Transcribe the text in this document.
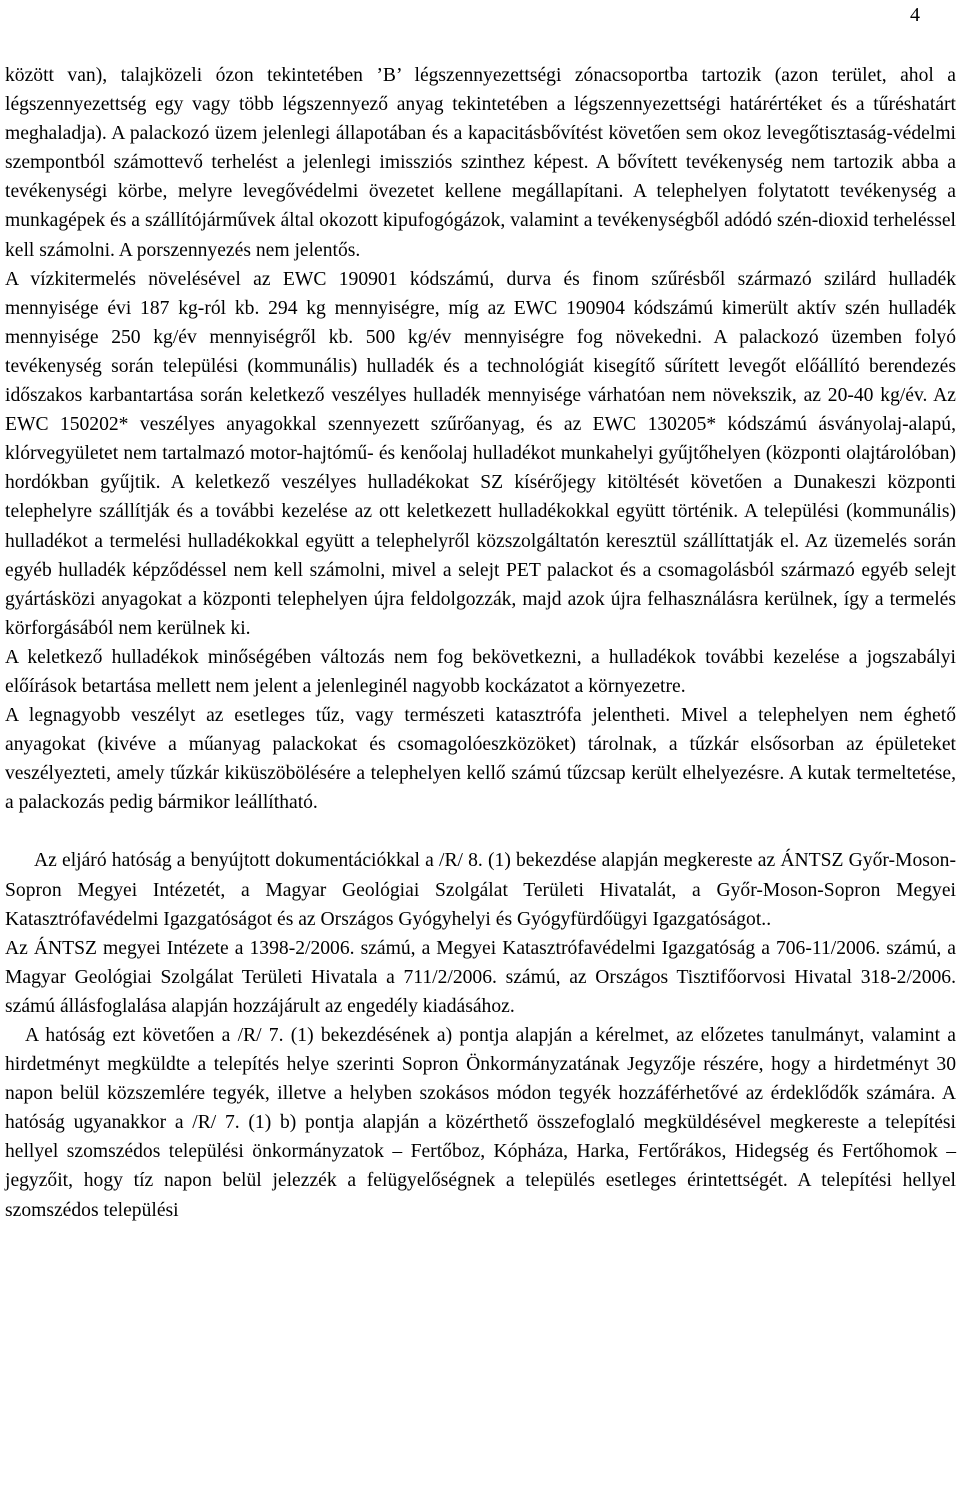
4

között van), talajközeli ózon tekintetében ’B’ légszennyezettségi zónacsoportba tartozik (azon terület, ahol a légszennyezettség egy vagy több légszennyező anyag tekintetében a légszennyezettségi határértéket és a tűréshatárt meghaladja). A palackozó üzem jelenlegi állapotában és a kapacitásbővítést követően sem okoz levegőtisztaság-védelmi szempontból számottevő terhelést a jelenlegi imissziós szinthez képest. A bővített tevékenység nem tartozik abba a tevékenységi körbe, melyre levegővédelmi övezetet kellene megállapítani. A telephelyen folytatott tevékenység a munkagépek és a szállítójárművek által okozott kipufogógázok, valamint a tevékenységből adódó szén-dioxid terheléssel kell számolni. A porszennyezés nem jelentős.

A vízkitermelés növelésével az EWC 190901 kódszámú, durva és finom szűrésből származó szilárd hulladék mennyisége évi 187 kg-ról kb. 294 kg mennyiségre, míg az EWC 190904 kódszámú kimerült aktív szén hulladék mennyisége 250 kg/év mennyiségről kb. 500 kg/év mennyiségre fog növekedni. A palackozó üzemben folyó tevékenység során települési (kommunális) hulladék és a technológiát kisegítő sűrített levegőt előállító berendezés időszakos karbantartása során keletkező veszélyes hulladék mennyisége várhatóan nem növekszik, az 20-40 kg/év. Az EWC 150202* veszélyes anyagokkal szennyezett szűrőanyag, és az EWC 130205* kódszámú ásványolaj-alapú, klórvegyületet nem tartalmazó motor-hajtómű- és kenőolaj hulladékot munkahelyi gyűjtőhelyen (központi olajtárolóban) hordókban gyűjtik. A keletkező veszélyes hulladékokat SZ kísérőjegy kitöltését követően a Dunakeszi központi telephelyre szállítják és a további kezelése az ott keletkezett hulladékokkal együtt történik. A települési (kommunális) hulladékot a termelési hulladékokkal együtt a telephelyről közszolgáltatón keresztül szállíttatják el. Az üzemelés során egyéb hulladék képződéssel nem kell számolni, mivel a selejt PET palackot és a csomagolásból származó egyéb selejt gyártásközi anyagokat a központi telephelyen újra feldolgozzák, majd azok újra felhasználásra kerülnek, így a termelés körforgásából nem kerülnek ki.

A keletkező hulladékok minőségében változás nem fog bekövetkezni, a hulladékok további kezelése a jogszabályi előírások betartása mellett nem jelent a jelenleginél nagyobb kockázatot a környezetre.

A legnagyobb veszélyt az esetleges tűz, vagy természeti katasztrófa jelentheti. Mivel a telephelyen nem éghető anyagokat (kivéve a műanyag palackokat és csomagolóeszközöket) tárolnak, a tűzkár elsősorban az épületeket veszélyezteti, amely tűzkár kiküszöbölésére a telephelyen kellő számú tűzcsap került elhelyezésre. A kutak termeltetése, a palackozás pedig bármikor leállítható.

Az eljáró hatóság a benyújtott dokumentációkkal a /R/ 8. (1) bekezdése alapján megkereste az ÁNTSZ Győr-Moson-Sopron Megyei Intézetét, a Magyar Geológiai Szolgálat Területi Hivatalát, a Győr-Moson-Sopron Megyei Katasztrófavédelmi Igazgatóságot és az Országos Gyógyhelyi és Gyógyfürdőügyi Igazgatóságot..

Az ÁNTSZ megyei Intézete a 1398-2/2006. számú, a Megyei Katasztrófavédelmi Igazgatóság a 706-11/2006. számú, a Magyar Geológiai Szolgálat Területi Hivatala a 711/2/2006. számú, az Országos Tisztifőorvosi Hivatal 318-2/2006. számú állásfoglalása alapján hozzájárult az engedély kiadásához.

A hatóság ezt követően a /R/ 7. (1) bekezdésének a) pontja alapján a kérelmet, az előzetes tanulmányt, valamint a hirdetményt megküldte a telepítés helye szerinti Sopron Önkormányzatának Jegyzője részére, hogy a hirdetményt 30 napon belül közszemlére tegyék, illetve a helyben szokásos módon tegyék hozzáférhetővé az érdeklődők számára. A hatóság ugyanakkor a /R/ 7. (1) b) pontja alapján a közérthető összefoglaló megküldésével megkereste a telepítési hellyel szomszédos települési önkormányzatok – Fertőboz, Kópháza, Harka, Fertőrákos, Hidegség és Fertőhomok – jegyzőit, hogy tíz napon belül jelezzék a felügyelőségnek a település esetleges érintettségét. A telepítési hellyel szomszédos települési
